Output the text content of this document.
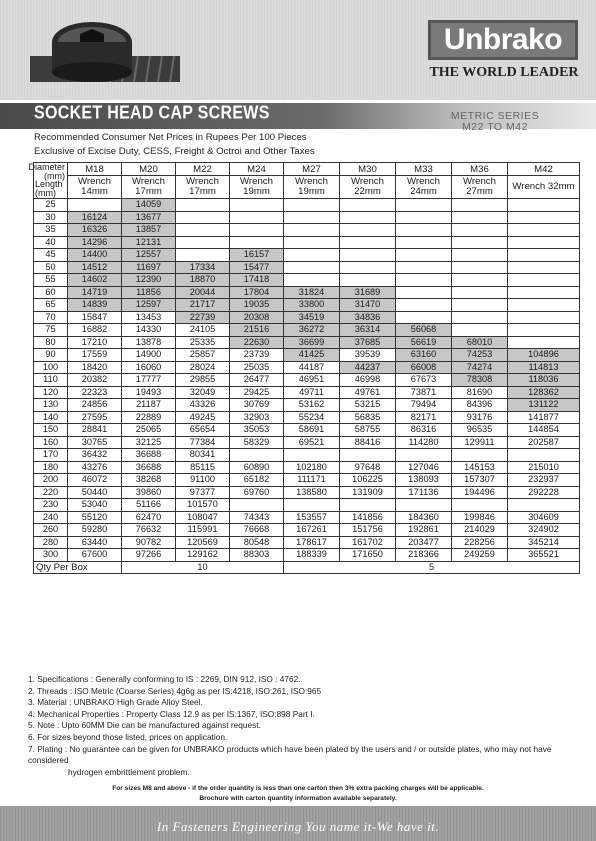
Unbrako
THE WORLD LEADER
SOCKET HEAD CAP SCREWS	METRIC SERIES
M22 TO M42
Recommended Consumer Net Prices in Rupees Per 100 Pieces
Exclusive of Excise Duty, CESS, Freight & Octroi and Other Taxes
Diameter
(mm)
Length
(mm)	M18	M20	M22	M24	M27	M30	M33	M36	M42
	Wrench 14mm	Wrench 17mm	Wrench 17mm	Wrench 19mm	Wrench 19mm	Wrench 22mm	Wrench 24mm	Wrench 27mm	Wrench 32mm
25		14059							
30	16124	13677							
35	16326	13857							
40	14296	12131							
45	14400	12557		16157					
50	14512	11697	17334	15477					
55	14602	12390	18870	17418					
60	14719	11856	20044	17804	31824	31689			
65	14839	12597	21717	19035	33800	31470			
70	15847	13453	22739	20308	34519	34836			
75	16882	14330	24105	21516	36272	36314	56068		
80	17210	13878	25335	22630	36699	37685	56619	68010	
90	17559	14900	25857	23739	41425	39539	63160	74253	104896
100	18420	16060	28024	25035	44187	44237	66008	74274	114813
110	20382	17777	29855	26477	46951	46998	67673	78308	118036
120	22323	19493	32049	29425	49711	49761	73871	81690	128362
130	24856	21187	43326	30769	53162	53215	79494	84396	131122
140	27595	22889	49245	32903	55234	56835	82171	93176	141877
150	28841	25065	65654	35053	58691	58755	86316	96535	144854
160	30765	32125	77384	58329	69521	88416	114280	129911	202587
170	36432	36688	80341						
180	43276	36688	85115	60890	102180	97648	127046	145153	215010
200	46072	38268	91100	65182	111171	106225	138093	157307	232937
220	50440	39860	97377	69760	138580	131909	171136	194496	292228
230	53040	51166	101570						
240	55120	62470	108047	74343	153557	141856	184360	199846	304609
260	59280	76632	115991	76668	167261	151756	192861	214029	324902
280	63440	90782	120569	80548	178617	161702	203477	228256	345214
300	67600	97266	129162	88303	188339	171650	218366	249259	365521
Qty Per Box		10			5				
1. Specifications : Generally conforming to IS : 2269, DIN 912, ISO : 4762.
2. Threads : ISO Metric (Coarse Series) 4g6g as per IS:4218, ISO:261, ISO:965
3. Material : UNBRAKO High Grade Alloy Steel.
4. Mechanical Properties : Property Class 12.9 as per IS:1367, ISO:898 Part I.
5. Note : Upto 60MM Die can be manufactured against request.
6. For sizes beyond those listed, prices on application.
7. Plating : No guarantee can be given for UNBRAKO products which have been plated by the users and / or outside plates, who may not have considered
hydrogen embrittlement problem.
For sizes M8 and above - if the order quantity is less than one carton then 3% extra packing charges will be applicable.
Brochure with carton quantity information available separately.
In Fasteners Engineering You name it-We have it.
